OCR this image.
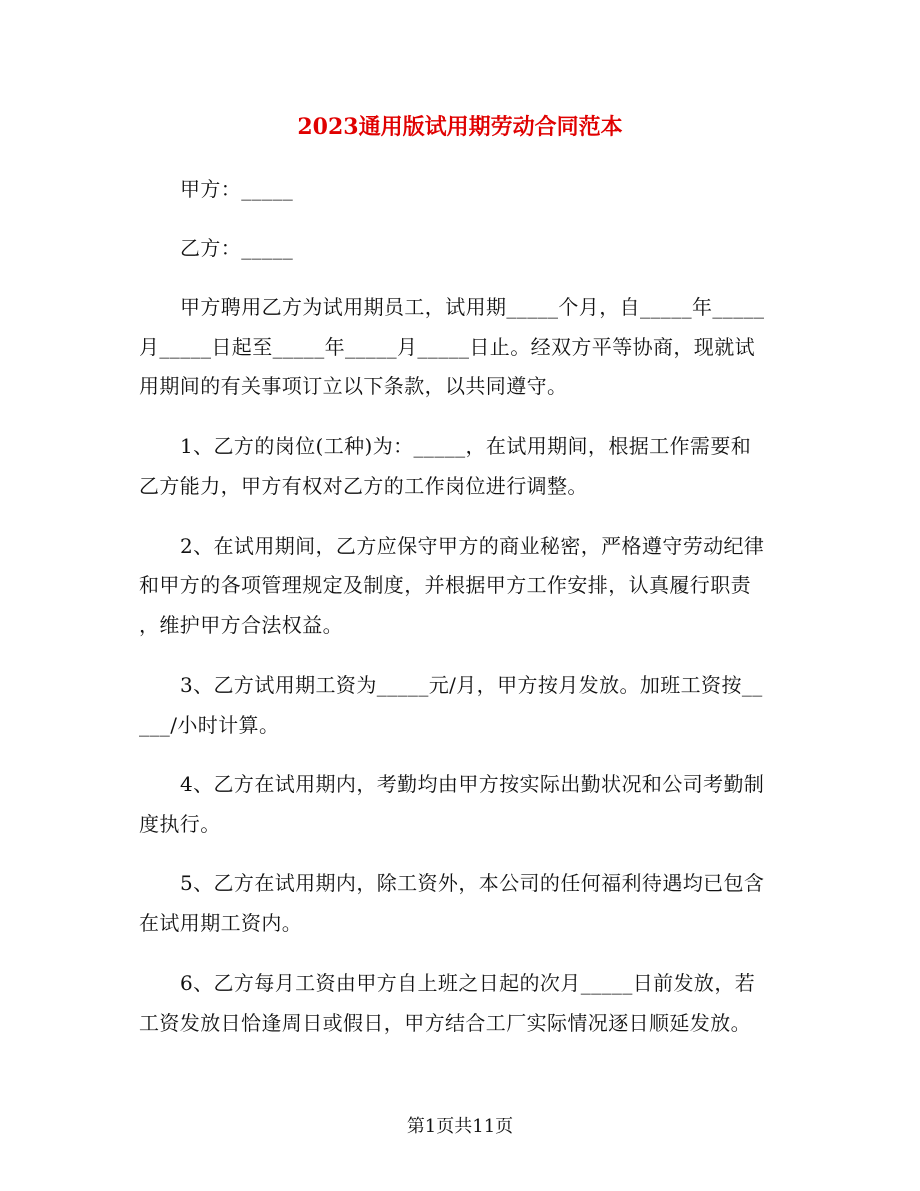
2023通用版试用期劳动合同范本
甲方：_____
乙方：_____
甲方聘用乙方为试用期员工，试用期_____个月，自_____年_____
月_____日起至_____年_____月_____日止。经双方平等协商，现就试
用期间的有关事项订立以下条款，以共同遵守。
1、乙方的岗位(工种)为：_____，在试用期间，根据工作需要和
乙方能力，甲方有权对乙方的工作岗位进行调整。
2、在试用期间，乙方应保守甲方的商业秘密，严格遵守劳动纪律
和甲方的各项管理规定及制度，并根据甲方工作安排，认真履行职责
，维护甲方合法权益。
3、乙方试用期工资为_____元/月，甲方按月发放。加班工资按__
___/小时计算。
4、乙方在试用期内，考勤均由甲方按实际出勤状况和公司考勤制
度执行。
5、乙方在试用期内，除工资外，本公司的任何福利待遇均已包含
在试用期工资内。
6、乙方每月工资由甲方自上班之日起的次月_____日前发放，若
工资发放日恰逢周日或假日，甲方结合工厂实际情况逐日顺延发放。
第1页共11页
